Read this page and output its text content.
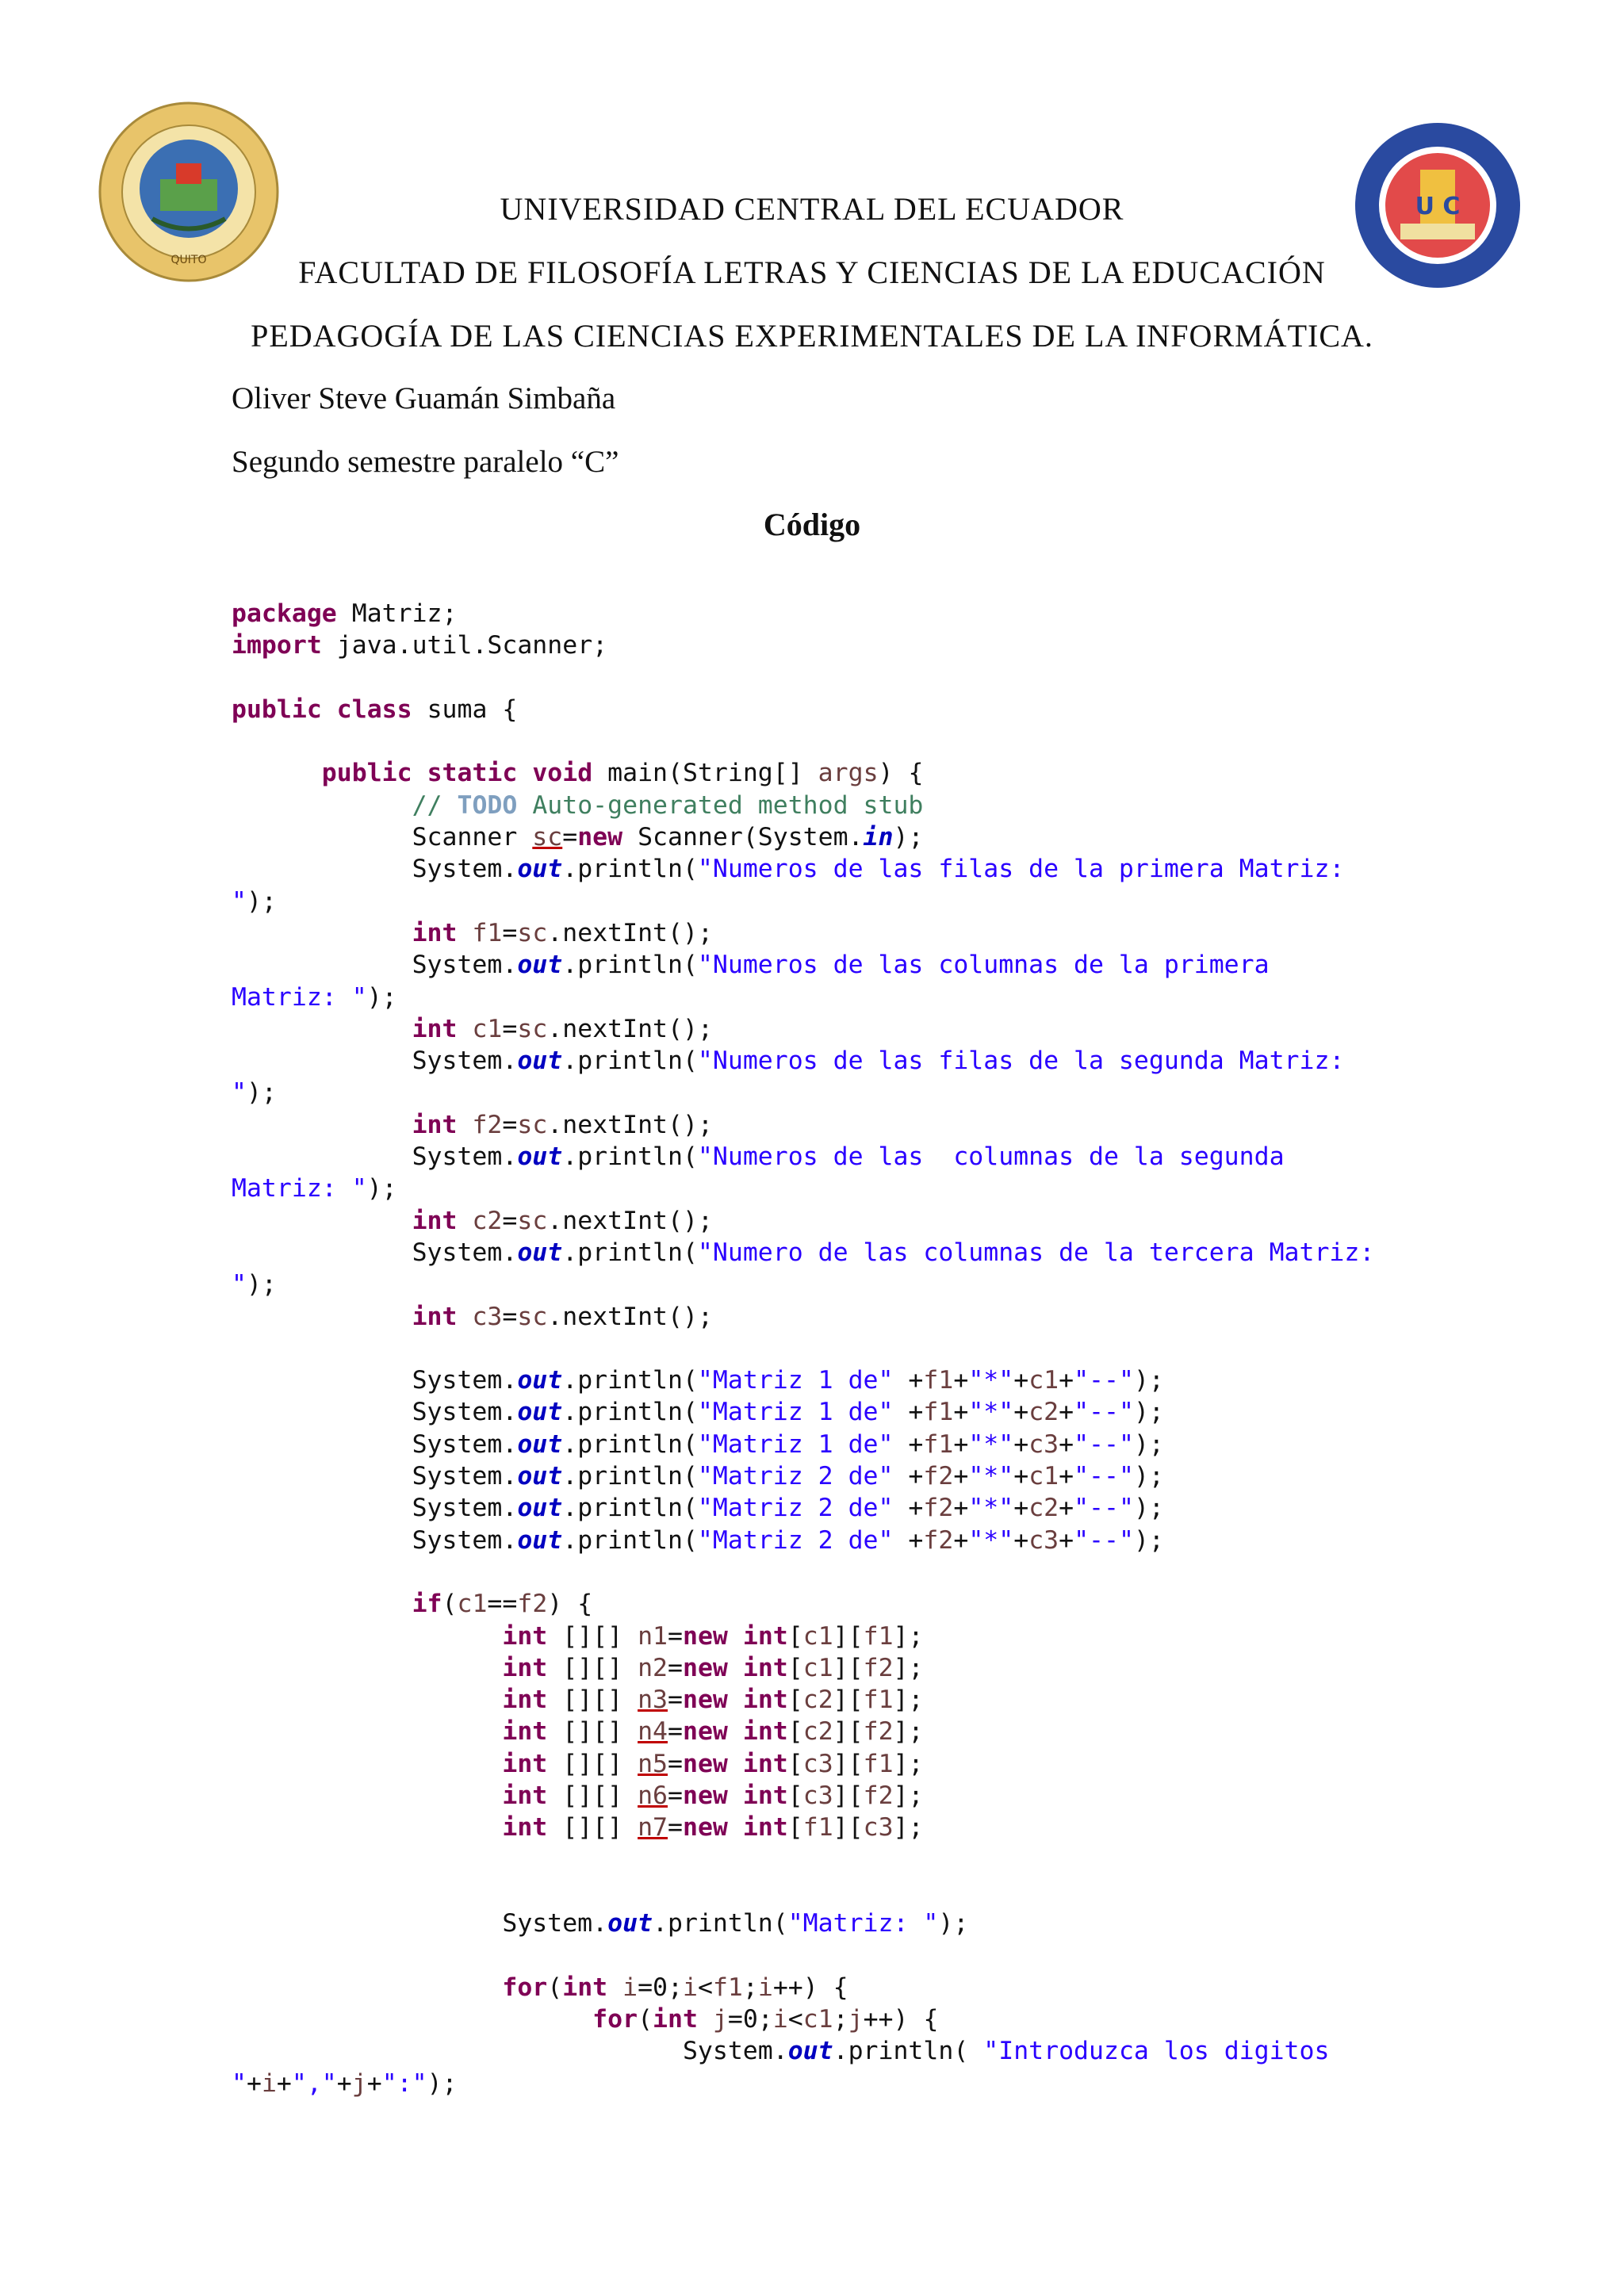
QUITO
U C
UNIVERSIDAD CENTRAL DEL ECUADOR
FACULTAD DE FILOSOFÍA LETRAS Y CIENCIAS DE LA EDUCACIÓN
PEDAGOGÍA DE LAS CIENCIAS EXPERIMENTALES DE LA INFORMÁTICA.
Oliver Steve Guamán Simbaña
Segundo semestre paralelo “C”
Código
package Matriz;
import java.util.Scanner;

public class suma {

public static void main(String[] args) {
// TODO Auto-generated method stub
Scanner sc=new Scanner(System.in);
System.out.println("Numeros de las filas de la primera Matriz:
");
int f1=sc.nextInt();
System.out.println("Numeros de las columnas de la primera
Matriz: ");
int c1=sc.nextInt();
System.out.println("Numeros de las filas de la segunda Matriz:
");
int f2=sc.nextInt();
System.out.println("Numeros de las  columnas de la segunda
Matriz: ");
int c2=sc.nextInt();
System.out.println("Numero de las columnas de la tercera Matriz:
");
int c3=sc.nextInt();

System.out.println("Matriz 1 de" +f1+"*"+c1+"--");
System.out.println("Matriz 1 de" +f1+"*"+c2+"--");
System.out.println("Matriz 1 de" +f1+"*"+c3+"--");
System.out.println("Matriz 2 de" +f2+"*"+c1+"--");
System.out.println("Matriz 2 de" +f2+"*"+c2+"--");
System.out.println("Matriz 2 de" +f2+"*"+c3+"--");

if(c1==f2) {
int [][] n1=new int[c1][f1];
int [][] n2=new int[c1][f2];
int [][] n3=new int[c2][f1];
int [][] n4=new int[c2][f2];
int [][] n5=new int[c3][f1];
int [][] n6=new int[c3][f2];
int [][] n7=new int[f1][c3];

System.out.println("Matriz: ");

for(int i=0;i<f1;i++) {
for(int j=0;i<c1;j++) {
System.out.println( "Introduzca los digitos
"+i+","+j+":");
